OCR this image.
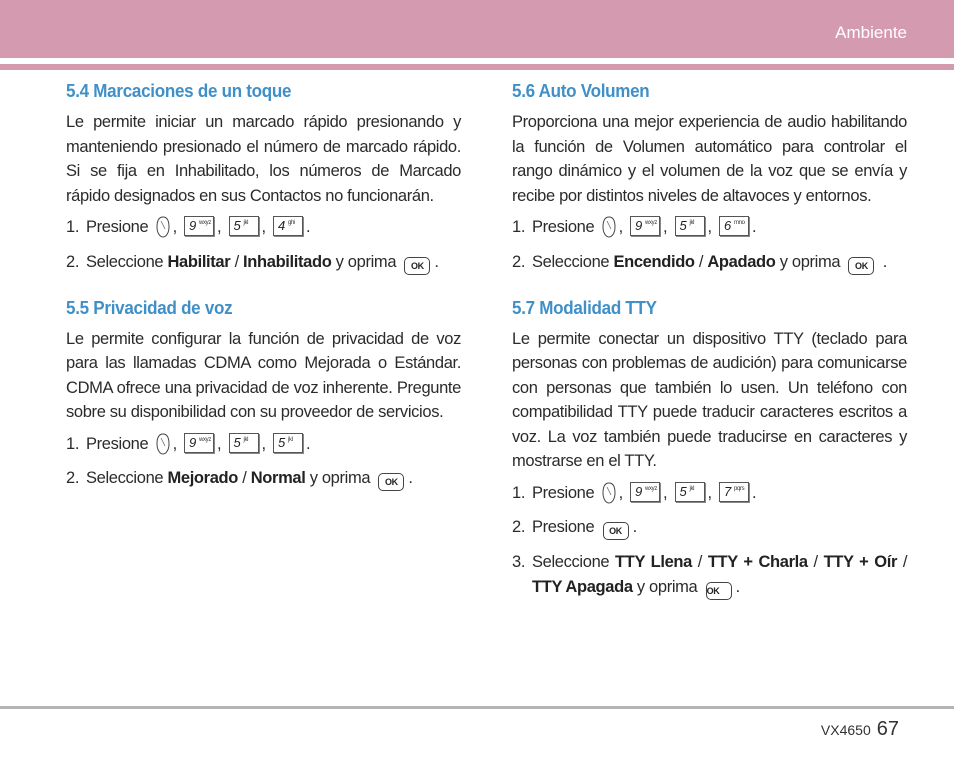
Ambiente
5.4 Marcaciones de un toque

Le permite iniciar un marcado rápido presionando y manteniendo presionado el número de marcado rápido. Si se fija en Inhabilitado, los números de Marcado rápido designados en sus Contactos no funcionarán.

1. Presione , 9 wxyz , 5 jkl , 4 ghi .
2. Seleccione Habilitar / Inhabilitado y oprima OK .
5.5 Privacidad de voz

Le permite configurar la función de privacidad de voz para las llamadas CDMA como Mejorada o Estándar. CDMA ofrece una privacidad de voz inherente. Pregunte sobre su disponibilidad con su proveedor de servicios.

1. Presione , 9 wxyz , 5 jkl , 5 jkl .
2. Seleccione Mejorado / Normal y oprima OK .
5.6 Auto Volumen

Proporciona una mejor experiencia de audio habilitando la función de Volumen automático para controlar el rango dinámico y el volumen de la voz que se envía y recibe por distintos niveles de altavoces y entornos.

1. Presione , 9 wxyz , 5 jkl , 6 mno .
2. Seleccione Encendido / Apadado y oprima OK .
5.7 Modalidad TTY

Le permite conectar un dispositivo TTY (teclado para personas con problemas de audición) para comunicarse con personas que también lo usen. Un teléfono con compatibilidad TTY puede traducir caracteres escritos a voz. La voz también puede traducirse en caracteres y mostrarse en el TTY.

1. Presione , 9 wxyz , 5 jkl , 7 pqrs .
2. Presione OK .
3. Seleccione TTY Llena / TTY + Charla / TTY + Oír / TTY Apagada y oprima OK .
VX4650 67
